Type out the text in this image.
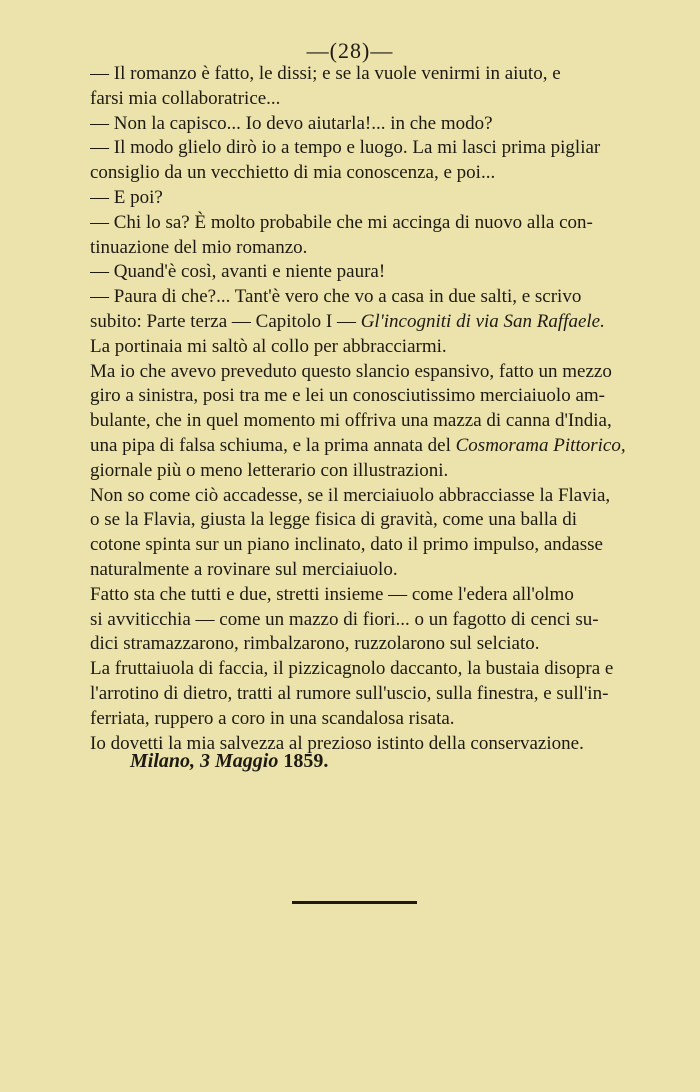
—(28)—
— Il romanzo è fatto, le dissi; e se la vuole venirmi in aiuto, e
farsi mia collaboratrice...
— Non la capisco... Io devo aiutarla!... in che modo?
— Il modo glielo dirò io a tempo e luogo. La mi lasci prima pigliar
consiglio da un vecchietto di mia conoscenza, e poi...
— E poi?
— Chi lo sa? È molto probabile che mi accinga di nuovo alla con-
tinuazione del mio romanzo.
— Quand'è così, avanti e niente paura!
— Paura di che?... Tant'è vero che vo a casa in due salti, e scrivo
subito: Parte terza — Capitolo I — Gl'incogniti di via San Raffaele.
La portinaia mi saltò al collo per abbracciarmi.
Ma io che avevo preveduto questo slancio espansivo, fatto un mezzo
giro a sinistra, posi tra me e lei un conosciutissimo merciaiuolo am-
bulante, che in quel momento mi offriva una mazza di canna d'India,
una pipa di falsa schiuma, e la prima annata del Cosmorama Pittorico,
giornale più o meno letterario con illustrazioni.
Non so come ciò accadesse, se il merciaiuolo abbracciasse la Flavia,
o se la Flavia, giusta la legge fisica di gravità, come una balla di
cotone spinta sur un piano inclinato, dato il primo impulso, andasse
naturalmente a rovinare sul merciaiuolo.
Fatto sta che tutti e due, stretti insieme — come l'edera all'olmo
si avviticchia — come un mazzo di fiori... o un fagotto di cenci su-
dici stramazzarono, rimbalzarono, ruzzolarono sul selciato.
La fruttaiuola di faccia, il pizzicagnolo daccanto, la bustaia disopra e
l'arrotino di dietro, tratti al rumore sull'uscio, sulla finestra, e sull'in-
ferriata, ruppero a coro in una scandalosa risata.
Io dovetti la mia salvezza al prezioso istinto della conservazione.
Milano, 3 Maggio 1859.
